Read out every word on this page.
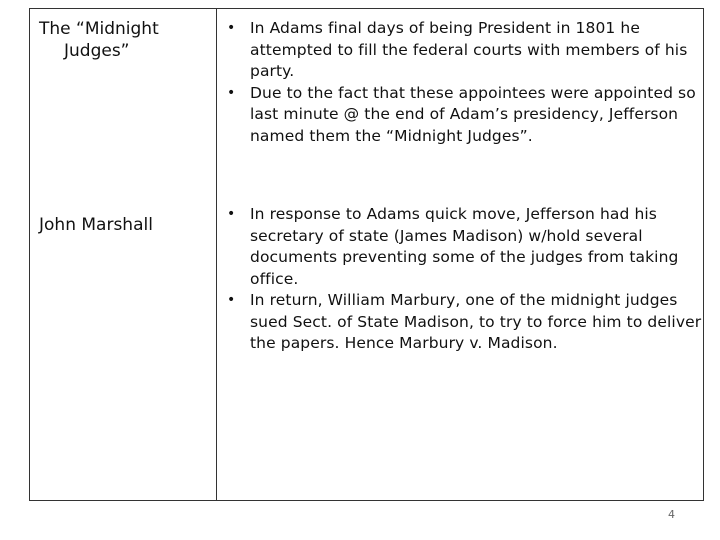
The “Midnight
Judges”
• In Adams final days of being President in 1801 he attempted to fill the federal courts with members of his party.
• Due to the fact that these appointees were appointed so last minute @ the end of Adam’s presidency, Jefferson named them the “Midnight Judges”.
John Marshall
• In response to Adams quick move, Jefferson had his secretary of state (James Madison) w/hold several documents preventing some of the judges from taking office.
• In return, William Marbury, one of the midnight judges sued Sect. of State Madison, to try to force him to deliver the papers. Hence Marbury v. Madison.
4
